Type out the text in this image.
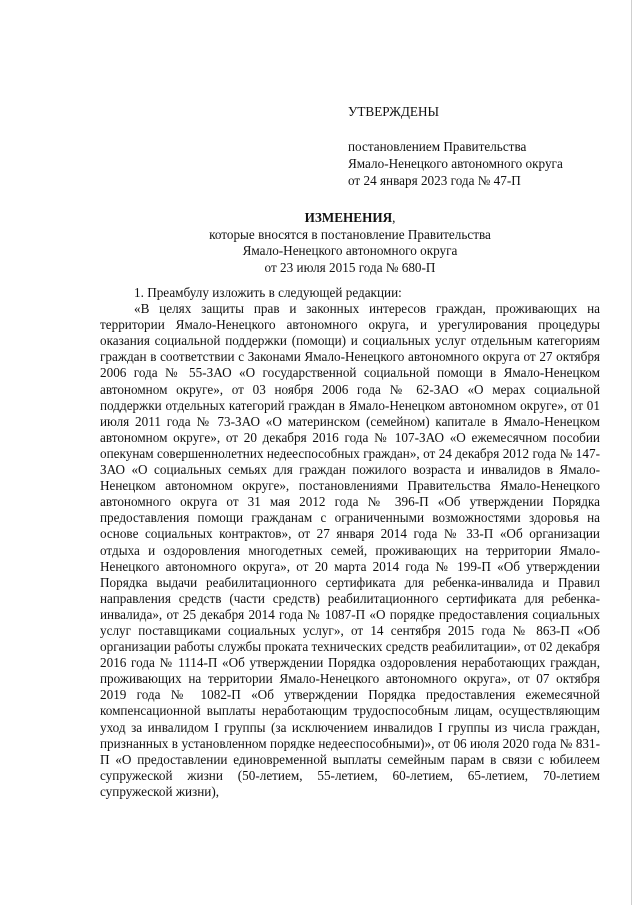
УТВЕРЖДЕНЫ
постановлением Правительства
Ямало-Ненецкого автономного округа
от 24 января 2023 года № 47-П
ИЗМЕНЕНИЯ,
которые вносятся в постановление Правительства
Ямало-Ненецкого автономного округа
от 23 июля 2015 года № 680-П

1. Преамбулу изложить в следующей редакции:

«В целях защиты прав и законных интересов граждан, проживающих на территории Ямало-Ненецкого автономного округа, и урегулирования процедуры оказания социальной поддержки (помощи) и социальных услуг отдельным категориям граждан в соответствии с Законами Ямало-Ненецкого автономного округа от 27 октября 2006 года № 55-ЗАО «О государственной социальной помощи в Ямало-Ненецком автономном округе», от 03 ноября 2006 года № 62-ЗАО «О мерах социальной поддержки отдельных категорий граждан в Ямало-Ненецком автономном округе», от 01 июля 2011 года № 73-ЗАО «О материнском (семейном) капитале в Ямало-Ненецком автономном округе», от 20 декабря 2016 года № 107-ЗАО «О ежемесячном пособии опекунам совершеннолетних недееспособных граждан», от 24 декабря 2012 года № 147-ЗАО «О социальных семьях для граждан пожилого возраста и инвалидов в Ямало-Ненецком автономном округе», постановлениями Правительства Ямало-Ненецкого автономного округа от 31 мая 2012 года № 396-П «Об утверждении Порядка предоставления помощи гражданам с ограниченными возможностями здоровья на основе социальных контрактов», от 27 января 2014 года № 33-П «Об организации отдыха и оздоровления многодетных семей, проживающих на территории Ямало-Ненецкого автономного округа», от 20 марта 2014 года № 199-П «Об утверждении Порядка выдачи реабилитационного сертификата для ребенка-инвалида и Правил направления средств (части средств) реабилитационного сертификата для ребенка-инвалида», от 25 декабря 2014 года № 1087-П «О порядке предоставления социальных услуг поставщиками социальных услуг», от 14 сентября 2015 года № 863-П «Об организации работы службы проката технических средств реабилитации», от 02 декабря 2016 года № 1114-П «Об утверждении Порядка оздоровления неработающих граждан, проживающих на территории Ямало-Ненецкого автономного округа», от 07 октября 2019 года № 1082-П «Об утверждении Порядка предоставления ежемесячной компенсационной выплаты неработающим трудоспособным лицам, осуществляющим уход за инвалидом I группы (за исключением инвалидов I группы из числа граждан, признанных в установленном порядке недееспособными)», от 06 июля 2020 года № 831-П «О предоставлении единовременной выплаты семейным парам в связи с юбилеем супружеской жизни (50-летием, 55-летием, 60-летием, 65-летием, 70-летием супружеской жизни),
